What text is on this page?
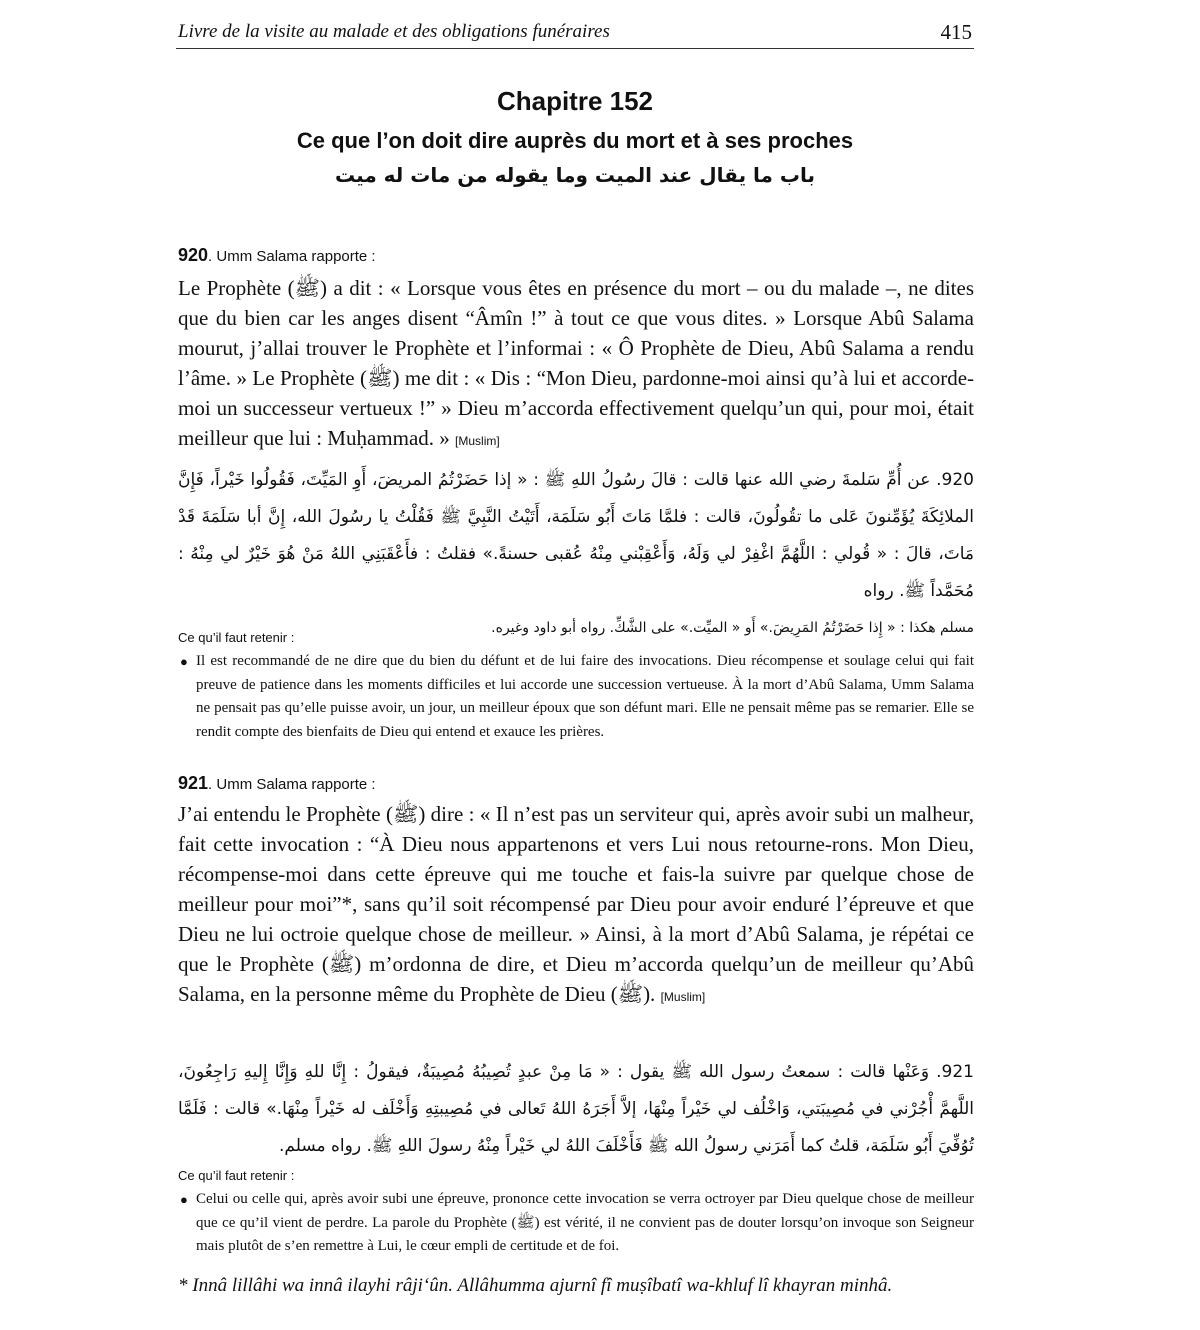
Livre de la visite au malade et des obligations funéraires	415
Chapitre 152
Ce que l’on doit dire auprès du mort et à ses proches
باب ما يقال عند الميت وما يقوله من مات له ميت
920. Umm Salama rapporte :
Le Prophète (ﷺ) a dit : « Lorsque vous êtes en présence du mort – ou du malade –, ne dites que du bien car les anges disent “Âmîn !” à tout ce que vous dites. » Lorsque Abû Salama mourut, j’allai trouver le Prophète et l’informai : « Ô Prophète de Dieu, Abû Salama a rendu l’âme. » Le Prophète (ﷺ) me dit : « Dis : “Mon Dieu, pardonne-moi ainsi qu’à lui et accorde-moi un successeur vertueux !” » Dieu m’accorda effectivement quelqu’un qui, pour moi, était meilleur que lui : Muḥammad. » [Muslim]
920. عن أُمِّ سَلمةَ رضي الله عنها قالت : قالَ رسُولُ اللهِ ﷺ : « إذا حَضَرْتُمُ المريضَ، أَوِ المَيِّتَ، فَقُولُوا خَيْراً، فَإِنَّ الملائِكَةَ يُؤَمِّنونَ عَلى ما تقُولُونَ، قالت : فلمَّا مَاتَ أَبُو سَلَمَة، أَتَيْتُ النَّبِيَّ ﷺ فَقُلْتُ يا رسُولَ الله، إِنَّ أبا سَلَمَةَ قَدْ مَاتَ، قالَ : « قُولي : اللَّهُمَّ اغْفِرْ لي وَلَهُ، وَأَعْقِبْني مِنْهُ عُقبى حسنةً.» فقلتُ : فأَعْقَبَنِي اللهُ مَنْ هُوَ خَيْرٌ لي مِنْهُ : مُحَمَّداً ﷺ. رواه
مسلم هكذا : « إِذا حَضَرْتُمُ المَرِيضَ.» أَو « الميِّت.» على الشَّكِّ. رواه أبو داود وغيره.
Ce qu’il faut retenir :
● Il est recommandé de ne dire que du bien du défunt et de lui faire des invocations. Dieu récompense et soulage celui qui fait preuve de patience dans les moments difficiles et lui accorde une succession vertueuse. À la mort d’Abû Salama, Umm Salama ne pensait pas qu’elle puisse avoir, un jour, un meilleur époux que son défunt mari. Elle ne pensait même pas se remarier. Elle se rendit compte des bienfaits de Dieu qui entend et exauce les prières.
921. Umm Salama rapporte :
J’ai entendu le Prophète (ﷺ) dire : « Il n’est pas un serviteur qui, après avoir subi un malheur, fait cette invocation : “À Dieu nous appartenons et vers Lui nous retourne-rons. Mon Dieu, récompense-moi dans cette épreuve qui me touche et fais-la suivre par quelque chose de meilleur pour moi”*, sans qu’il soit récompensé par Dieu pour avoir enduré l’épreuve et que Dieu ne lui octroie quelque chose de meilleur. » Ainsi, à la mort d’Abû Salama, je répétai ce que le Prophète (ﷺ) m’ordonna de dire, et Dieu m’accorda quelqu’un de meilleur qu’Abû Salama, en la personne même du Prophète de Dieu (ﷺ). [Muslim]
921. وَعَنْها قالت : سمعتُ رسول الله ﷺ يقول : « مَا مِنْ عبدٍ تُصِيبُهُ مُصِيبَةٌ، فيقولُ : إِنَّا للهِ وَإِنَّا إِليهِ رَاجِعُونَ، اللَّهمَّ أْجُرْني في مُصِيبَتي، وَاخْلُف لي خَيْراً مِنْهَا، إلاَّ أَجَرَهُ اللهُ تَعالى في مُصِيبتِهِ وَأَخْلَف له خَيْراً مِنْهَا.» قالت : فَلَمَّا تُوُفِّيَ أَبُو سَلَمَة، قلتُ كما أَمَرَني رسولُ الله ﷺ فَأَخْلَفَ اللهُ لي خَيْراً مِنْهُ رسولَ اللهِ ﷺ. رواه مسلم.
Ce qu’il faut retenir :
● Celui ou celle qui, après avoir subi une épreuve, prononce cette invocation se verra octroyer par Dieu quelque chose de meilleur que ce qu’il vient de perdre. La parole du Prophète (ﷺ) est vérité, il ne convient pas de douter lorsqu’on invoque son Seigneur mais plutôt de s’en remettre à Lui, le cœur empli de certitude et de foi.
* Innâ lillâhi wa innâ ilayhi râji‘ûn. Allâhumma ajurnî fî muṣîbatî wa-khluf lî khayran minhâ.
